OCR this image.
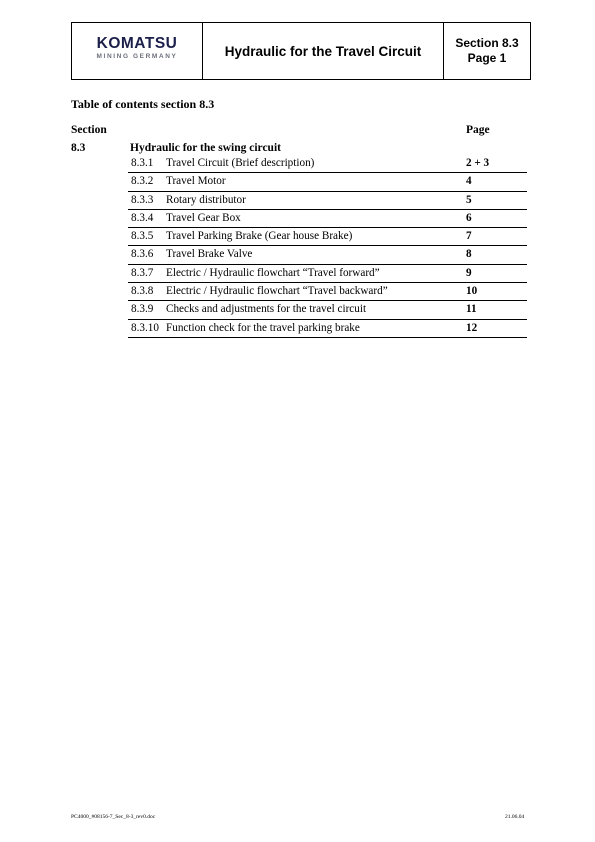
KOMATSU
MINING GERMANY	Hydraulic for the Travel Circuit
Section 8.3
Page 1
Table of contents section 8.3
Section	Page
8.3	Hydraulic for the swing circuit
8.3.1 Travel Circuit (Brief description)	2 + 3
8.3.2 Travel Motor	4
8.3.3 Rotary distributor	5
8.3.4 Travel Gear Box	6
8.3.5 Travel Parking Brake (Gear house Brake)	7
8.3.6 Travel Brake Valve	8
8.3.7 Electric / Hydraulic flowchart “Travel forward”	9
8.3.8 Electric / Hydraulic flowchart “Travel backward”	10
8.3.9 Checks and adjustments for the travel circuit	11
8.3.10 Function check for the travel parking brake	12
PC4000_#08156-7_Sec_8-3_rev0.doc	21.06.04
